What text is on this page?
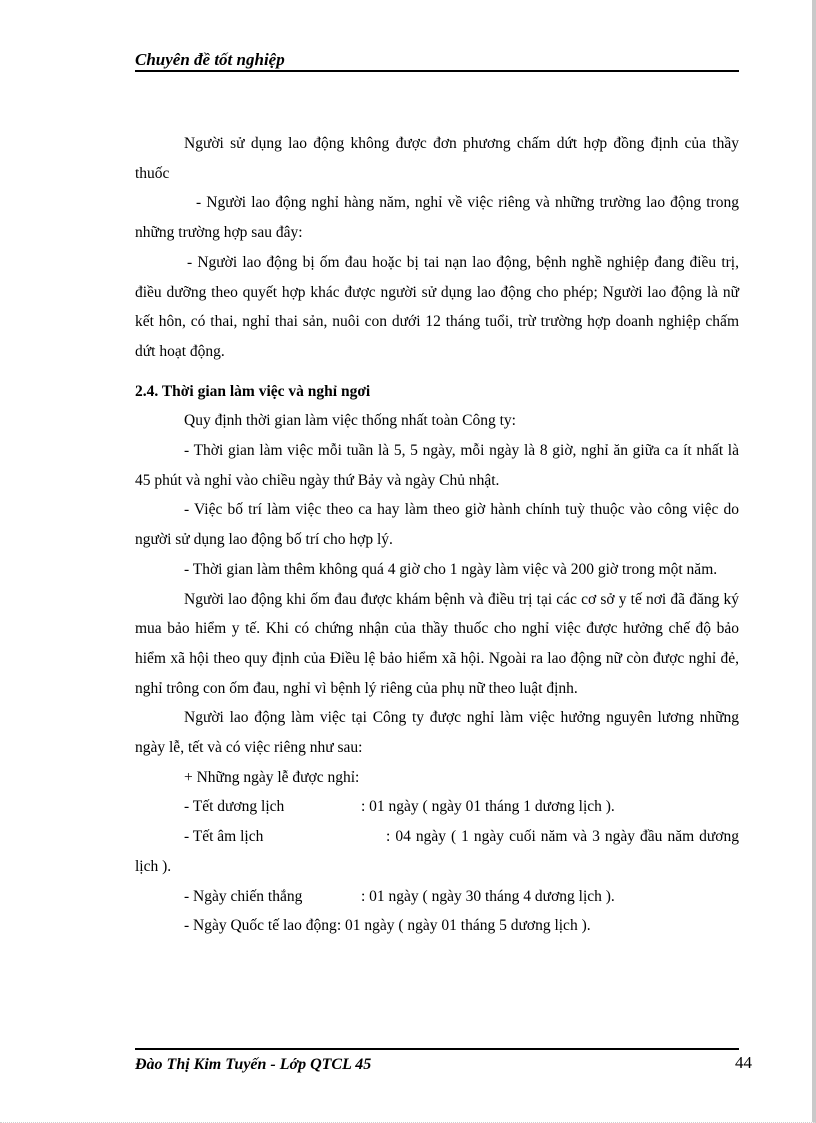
Chuyên đề tốt nghiệp

Người sử dụng lao động không được đơn phương chấm dứt hợp đồng định của thầy thuốc

- Người lao động nghỉ hàng năm, nghỉ về việc riêng và những trường lao động trong những trường hợp sau đây:

- Người lao động bị ốm đau hoặc bị tai nạn lao động, bệnh nghề nghiệp đang điều trị, điều dưỡng theo quyết hợp khác được người sử dụng lao động cho phép; Người lao động là nữ kết hôn, có thai, nghỉ thai sản, nuôi con dưới 12 tháng tuổi, trừ trường hợp doanh nghiệp chấm dứt hoạt động.

2.4. Thời gian làm việc và nghỉ ngơi

Quy định thời gian làm việc thống nhất toàn Công ty:

- Thời gian làm việc mỗi tuần là 5, 5 ngày, mỗi ngày là 8 giờ, nghỉ ăn giữa ca ít nhất là 45 phút và nghỉ vào chiều ngày thứ Bảy và ngày Chủ nhật.

- Việc bố trí làm việc theo ca hay làm theo giờ hành chính tuỳ thuộc vào công việc do người sử dụng lao động bố trí cho hợp lý.

- Thời gian làm thêm không quá 4 giờ cho 1 ngày làm việc và 200 giờ trong một năm.

Người lao động khi ốm đau được khám bệnh và điều trị tại các cơ sở y tế nơi đã đăng ký mua bảo hiểm y tế. Khi có chứng nhận của thầy thuốc cho nghỉ việc được hưởng chế độ bảo hiểm xã hội theo quy định của Điều lệ bảo hiểm xã hội. Ngoài ra lao động nữ còn được nghỉ đẻ, nghỉ trông con ốm đau, nghỉ vì bệnh lý riêng của phụ nữ theo luật định.

Người lao động làm việc tại Công ty được nghỉ làm việc hưởng nguyên lương những ngày lễ, tết và có việc riêng như sau:

+ Những ngày lễ được nghỉ:

- Tết dương lịch	: 01 ngày ( ngày 01 tháng 1 dương lịch ).

- Tết âm lịch	: 04 ngày ( 1 ngày cuối năm và 3 ngày đầu năm dương lịch ).

- Ngày chiến thắng	: 01 ngày ( ngày 30 tháng 4 dương lịch ).

- Ngày Quốc tế lao động: 01 ngày ( ngày 01 tháng 5 dương lịch ).

Đào Thị Kim Tuyến - Lớp QTCL 45	44
